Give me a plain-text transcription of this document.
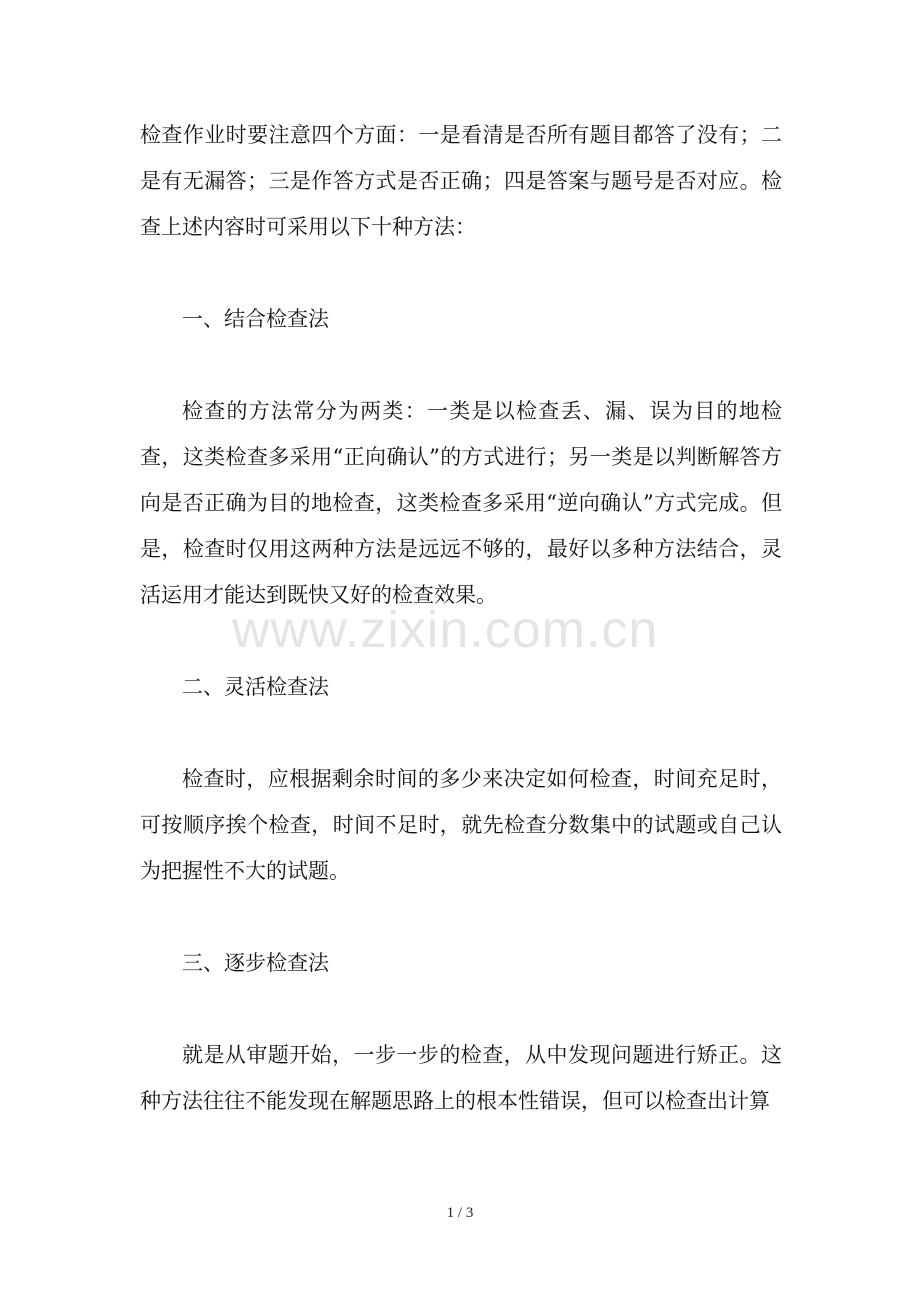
检查作业时要注意四个方面：一是看清是否所有题目都答了没有；二是有无漏答；三是作答方式是否正确；四是答案与题号是否对应。检查上述内容时可采用以下十种方法：

一、结合检查法

检查的方法常分为两类：一类是以检查丢、漏、误为目的地检查，这类检查多采用“正向确认”的方式进行；另一类是以判断解答方向是否正确为目的地检查，这类检查多采用“逆向确认”方式完成。但是，检查时仅用这两种方法是远远不够的，最好以多种方法结合，灵活运用才能达到既快又好的检查效果。

二、灵活检查法

检查时，应根据剩余时间的多少来决定如何检查，时间充足时，可按顺序挨个检查，时间不足时，就先检查分数集中的试题或自己认为把握性不大的试题。

三、逐步检查法

就是从审题开始，一步一步的检查，从中发现问题进行矫正。这种方法往往不能发现在解题思路上的根本性错误，但可以检查出计算

www.zixin.com.cn
1 / 3
